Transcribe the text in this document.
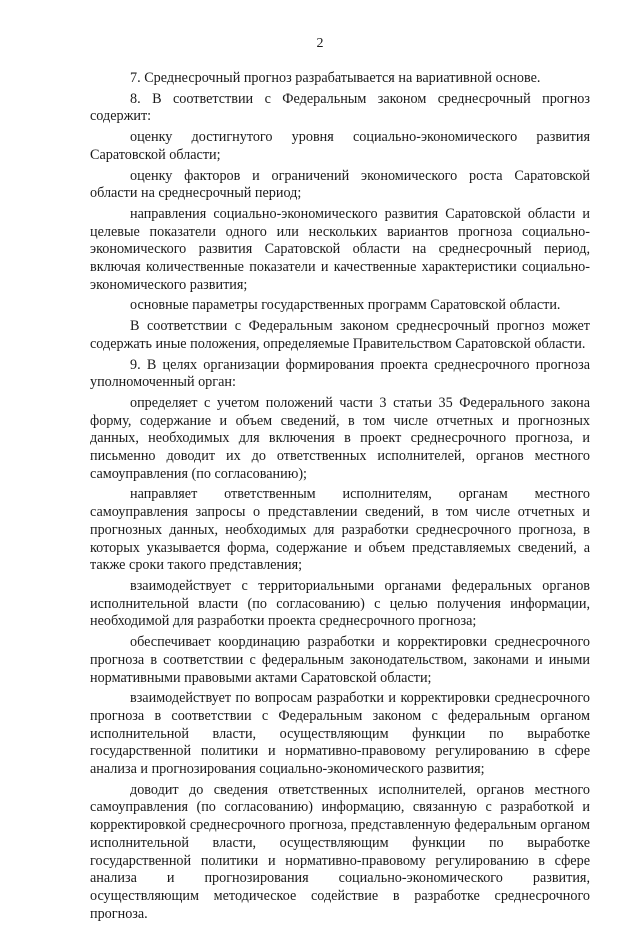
2

7. Среднесрочный прогноз разрабатывается на вариативной основе.

8. В соответствии с Федеральным законом среднесрочный прогноз содержит:

оценку достигнутого уровня социально-экономического развития Саратовской области;

оценку факторов и ограничений экономического роста Саратовской области на среднесрочный период;

направления социально-экономического развития Саратовской области и целевые показатели одного или нескольких вариантов прогноза социально-экономического развития Саратовской области на среднесрочный период, включая количественные показатели и качественные характеристики социально-экономического развития;

основные параметры государственных программ Саратовской области.

В соответствии с Федеральным законом среднесрочный прогноз может содержать иные положения, определяемые Правительством Саратовской области.

9. В целях организации формирования проекта среднесрочного прогноза уполномоченный орган:

определяет с учетом положений части 3 статьи 35 Федерального закона форму, содержание и объем сведений, в том числе отчетных и прогнозных данных, необходимых для включения в проект среднесрочного прогноза, и письменно доводит их до ответственных исполнителей, органов местного самоуправления (по согласованию);

направляет ответственным исполнителям, органам местного самоуправления запросы о представлении сведений, в том числе отчетных и прогнозных данных, необходимых для разработки среднесрочного прогноза, в которых указывается форма, содержание и объем представляемых сведений, а также сроки такого представления;

взаимодействует с территориальными органами федеральных органов исполнительной власти (по согласованию) с целью получения информации, необходимой для разработки проекта среднесрочного прогноза;

обеспечивает координацию разработки и корректировки среднесрочного прогноза в соответствии с федеральным законодательством, законами и иными нормативными правовыми актами Саратовской области;

взаимодействует по вопросам разработки и корректировки среднесрочного прогноза в соответствии с Федеральным законом с федеральным органом исполнительной власти, осуществляющим функции по выработке государственной политики и нормативно-правовому регулированию в сфере анализа и прогнозирования социально-экономического развития;

доводит до сведения ответственных исполнителей, органов местного самоуправления (по согласованию) информацию, связанную с разработкой и корректировкой среднесрочного прогноза, представленную федеральным органом исполнительной власти, осуществляющим функции по выработке государственной политики и нормативно-правовому регулированию в сфере анализа и прогнозирования социально-экономического развития, осуществляющим методическое содействие в разработке среднесрочного прогноза.
